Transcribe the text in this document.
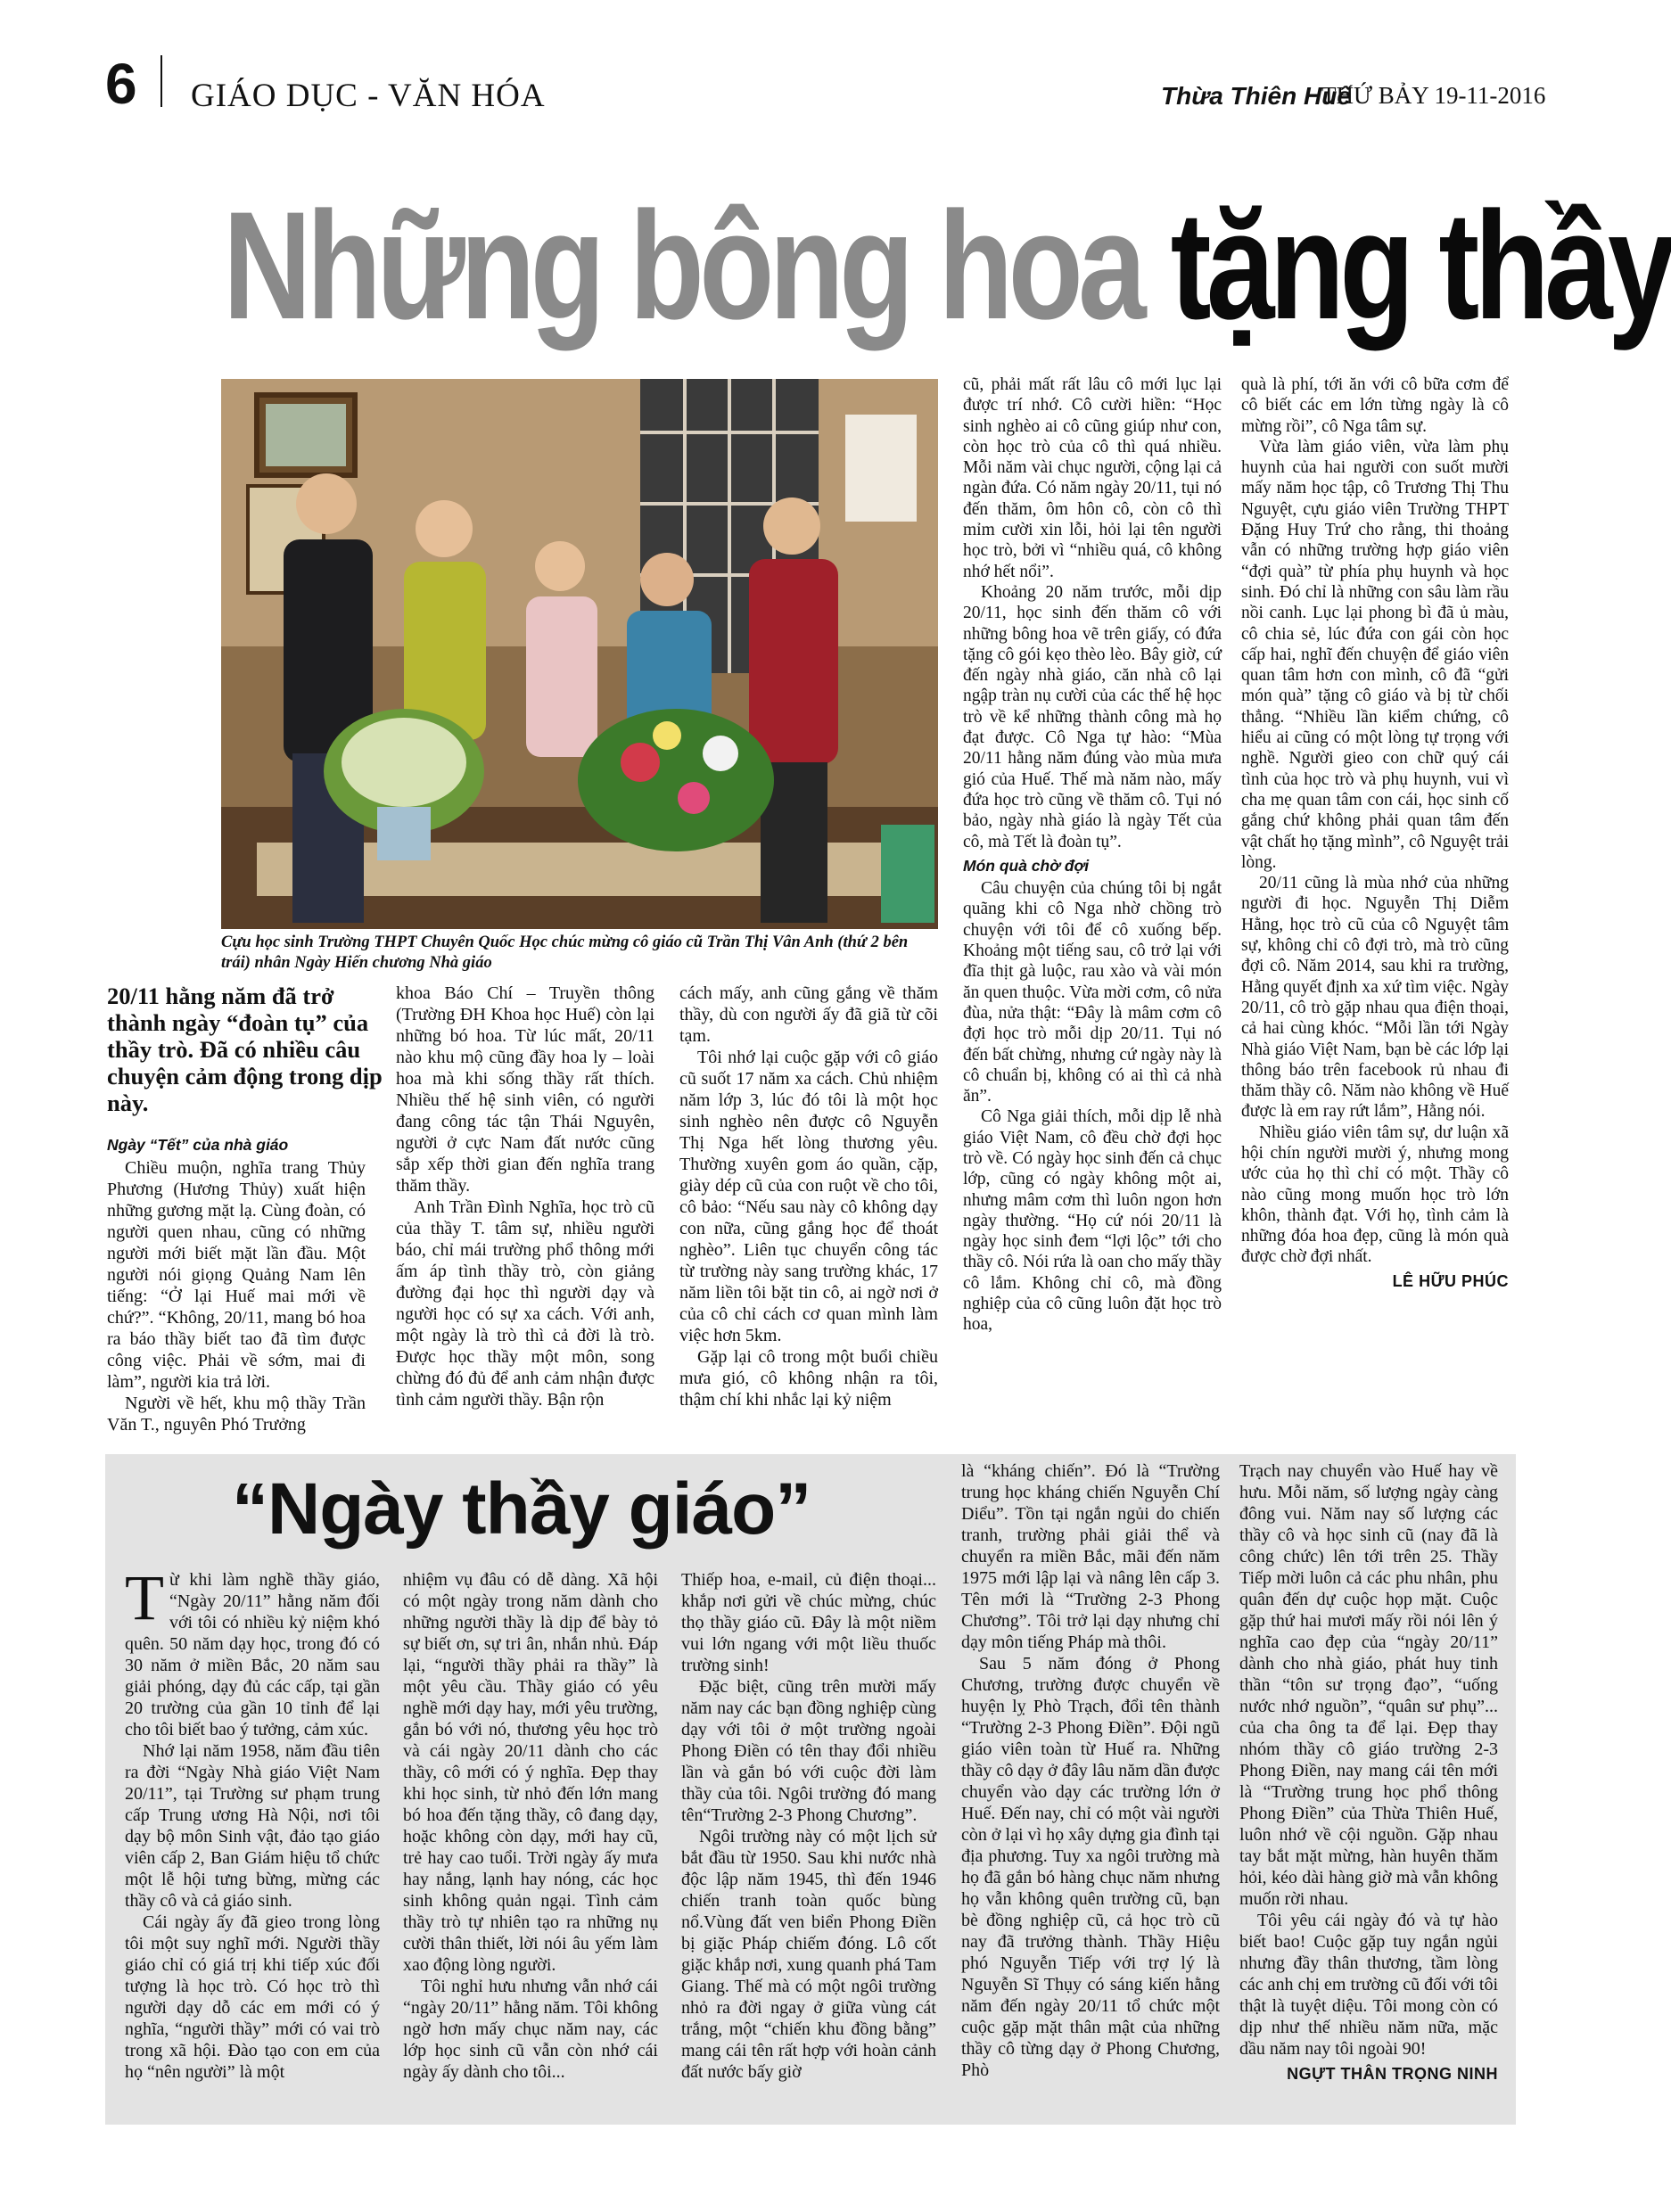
6 GIÁO DỤC - VĂN HÓA	Thừa Thiên Huế
THỨ BẢY 19-11-2016
Những bông hoa tặng thầy
Cựu học sinh Trường THPT Chuyên Quốc Học chúc mừng cô giáo cũ Trần Thị Vân Anh (thứ 2 bên trái) nhân Ngày Hiến chương Nhà giáo
20/11 hằng năm đã trở thành ngày “đoàn tụ” của thầy trò. Đã có nhiều câu chuyện cảm động trong dịp này.
Ngày “Tết” của nhà giáo

Chiều muộn, nghĩa trang Thủy Phương (Hương Thủy) xuất hiện những gương mặt lạ. Cùng đoàn, có người quen nhau, cũng có những người mới biết mặt lần đầu. Một người nói giọng Quảng Nam lên tiếng: “Ở lại Huế mai mới về chứ?”. “Không, 20/11, mang bó hoa ra báo thầy biết tao đã tìm được công việc. Phải về sớm, mai đi làm”, người kia trả lời.

Người về hết, khu mộ thầy Trần Văn T., nguyên Phó Trưởng

khoa Báo Chí – Truyền thông (Trường ĐH Khoa học Huế) còn lại những bó hoa. Từ lúc mất, 20/11 nào khu mộ cũng đầy hoa ly – loài hoa mà khi sống thầy rất thích. Nhiều thế hệ sinh viên, có người đang công tác tận Thái Nguyên, người ở cực Nam đất nước cũng sắp xếp thời gian đến nghĩa trang thăm thầy.

Anh Trần Đình Nghĩa, học trò cũ của thầy T. tâm sự, nhiều người báo, chỉ mái trường phổ thông mới ấm áp tình thầy trò, còn giảng đường đại học thì người dạy và người học có sự xa cách. Với anh, một ngày là trò thì cả đời là trò. Được học thầy một môn, song chừng đó đủ để anh cảm nhận được tình cảm người thầy. Bận rộn

cách mấy, anh cũng gắng về thăm thầy, dù con người ấy đã giã từ cõi tạm.

Tôi nhớ lại cuộc gặp với cô giáo cũ suốt 17 năm xa cách. Chủ nhiệm năm lớp 3, lúc đó tôi là một học sinh nghèo nên được cô Nguyễn Thị Nga hết lòng thương yêu. Thường xuyên gom áo quần, cặp, giày dép cũ của con ruột về cho tôi, cô bảo: “Nếu sau này cô không dạy con nữa, cũng gắng học để thoát nghèo”. Liên tục chuyển công tác từ trường này sang trường khác, 17 năm liền tôi bặt tin cô, ai ngờ nơi ở của cô chỉ cách cơ quan mình làm việc hơn 5km.

Gặp lại cô trong một buổi chiều mưa gió, cô không nhận ra tôi, thậm chí khi nhắc lại kỷ niệm

cũ, phải mất rất lâu cô mới lục lại được trí nhớ. Cô cười hiền: “Học sinh nghèo ai cô cũng giúp như con, còn học trò của cô thì quá nhiều. Mỗi năm vài chục người, cộng lại cả ngàn đứa. Có năm ngày 20/11, tụi nó đến thăm, ôm hôn cô, còn cô thì mỉm cười xin lỗi, hỏi lại tên người học trò, bởi vì “nhiều quá, cô không nhớ hết nổi”.

Khoảng 20 năm trước, mỗi dịp 20/11, học sinh đến thăm cô với những bông hoa vẽ trên giấy, có đứa tặng cô gói kẹo thèo lèo. Bây giờ, cứ đến ngày nhà giáo, căn nhà cô lại ngập tràn nụ cười của các thế hệ học trò về kể những thành công mà họ đạt được. Cô Nga tự hào: “Mùa 20/11 hằng năm đúng vào mùa mưa gió của Huế. Thế mà năm nào, mấy đứa học trò cũng về thăm cô. Tụi nó bảo, ngày nhà giáo là ngày Tết của cô, mà Tết là đoàn tụ”.

Món quà chờ đợi

Câu chuyện của chúng tôi bị ngắt quãng khi cô Nga nhờ chồng trò chuyện với tôi để cô xuống bếp. Khoảng một tiếng sau, cô trở lại với đĩa thịt gà luộc, rau xào và vài món ăn quen thuộc. Vừa mời cơm, cô nửa đùa, nửa thật: “Đây là mâm cơm cô đợi học trò mỗi dịp 20/11. Tụi nó đến bất chừng, nhưng cứ ngày này là cô chuẩn bị, không có ai thì cả nhà ăn”.

Cô Nga giải thích, mỗi dịp lễ nhà giáo Việt Nam, cô đều chờ đợi học trò về. Có ngày học sinh đến cả chục lớp, cũng có ngày không một ai, nhưng mâm cơm thì luôn ngon hơn ngày thường. “Họ cứ nói 20/11 là ngày học sinh đem “lợi lộc” tới cho thầy cô. Nói rứa là oan cho mấy thầy cô lắm. Không chỉ cô, mà đồng nghiệp của cô cũng luôn đặt học trò hoa,

quà là phí, tới ăn với cô bữa cơm để cô biết các em lớn từng ngày là cô mừng rồi”, cô Nga tâm sự.

Vừa làm giáo viên, vừa làm phụ huynh của hai người con suốt mười mấy năm học tập, cô Trương Thị Thu Nguyệt, cựu giáo viên Trường THPT Đặng Huy Trứ cho rằng, thi thoảng vẫn có những trường hợp giáo viên “đợi quà” từ phía phụ huynh và học sinh. Đó chỉ là những con sâu làm rầu nồi canh. Lục lại phong bì đã ủ màu, cô chia sẻ, lúc đứa con gái còn học cấp hai, nghĩ đến chuyện để giáo viên quan tâm hơn con mình, cô đã “gửi món quà” tặng cô giáo và bị từ chối thẳng. “Nhiều lần kiểm chứng, cô hiểu ai cũng có một lòng tự trọng với nghề. Người gieo con chữ quý cái tình của học trò và phụ huynh, vui vì cha mẹ quan tâm con cái, học sinh cố gắng chứ không phải quan tâm đến vật chất họ tặng mình”, cô Nguyệt trải lòng.

20/11 cũng là mùa nhớ của những người đi học. Nguyễn Thị Diễm Hằng, học trò cũ của cô Nguyệt tâm sự, không chỉ cô đợi trò, mà trò cũng đợi cô. Năm 2014, sau khi ra trường, Hằng quyết định xa xứ tìm việc. Ngày 20/11, cô trò gặp nhau qua điện thoại, cả hai cùng khóc. “Mỗi lần tới Ngày Nhà giáo Việt Nam, bạn bè các lớp lại thông báo trên facebook rủ nhau đi thăm thầy cô. Năm nào không về Huế được là em ray rứt lắm”, Hằng nói.

Nhiều giáo viên tâm sự, dư luận xã hội chín người mười ý, nhưng mong ước của họ thì chỉ có một. Thầy cô nào cũng mong muốn học trò lớn khôn, thành đạt. Với họ, tình cảm là những đóa hoa đẹp, cũng là món quà được chờ đợi nhất.

LÊ HỮU PHÚC
“Ngày thầy giáo”

Từ khi làm nghề thầy giáo, “Ngày 20/11” hằng năm đối với tôi có nhiều kỷ niệm khó quên. 50 năm dạy học, trong đó có 30 năm ở miền Bắc, 20 năm sau giải phóng, dạy đủ các cấp, tại gần 20 trường của gần 10 tỉnh để lại cho tôi biết bao ý tưởng, cảm xúc.

Nhớ lại năm 1958, năm đầu tiên ra đời “Ngày Nhà giáo Việt Nam 20/11”, tại Trường sư phạm trung cấp Trung ương Hà Nội, nơi tôi dạy bộ môn Sinh vật, đảo tạo giáo viên cấp 2, Ban Giám hiệu tổ chức một lễ hội tưng bừng, mừng các thầy cô và cả giáo sinh.

Cái ngày ấy đã gieo trong lòng tôi một suy nghĩ mới. Người thầy giáo chỉ có giá trị khi tiếp xúc đối tượng là học trò. Có học trò thì người dạy dỗ các em mới có ý nghĩa, “người thầy” mới có vai trò trong xã hội. Đào tạo con em của họ “nên người” là một

nhiệm vụ đâu có dễ dàng. Xã hội có một ngày trong năm dành cho những người thầy là dịp để bày tỏ sự biết ơn, sự tri ân, nhắn nhủ. Đáp lại, “người thầy phải ra thầy” là một yêu cầu. Thầy giáo có yêu nghề mới dạy hay, mới yêu trường, gắn bó với nó, thương yêu học trò và cái ngày 20/11 dành cho các thầy, cô mới có ý nghĩa. Đẹp thay khi học sinh, từ nhỏ đến lớn mang bó hoa đến tặng thầy, cô đang dạy, hoặc không còn dạy, mới hay cũ, trẻ hay cao tuổi. Trời ngày ấy mưa hay nắng, lạnh hay nóng, các học sinh không quản ngại. Tình cảm thầy trò tự nhiên tạo ra những nụ cười thân thiết, lời nói âu yếm làm xao động lòng người.

Tôi nghỉ hưu nhưng vẫn nhớ cái “ngày 20/11” hằng năm. Tôi không ngờ hơn mấy chục năm nay, các lớp học sinh cũ vẫn còn nhớ cái ngày ấy dành cho tôi...

Thiếp hoa, e-mail, củ điện thoại... khắp nơi gửi về chúc mừng, chúc thọ thầy giáo cũ. Đây là một niềm vui lớn ngang với một liều thuốc trường sinh!

Đặc biệt, cũng trên mười mấy năm nay các bạn đồng nghiệp cùng dạy với tôi ở một trường ngoài Phong Điền có tên thay đổi nhiều lần và gắn bó với cuộc đời làm thầy của tôi. Ngôi trường đó mang tên“Trường 2-3 Phong Chương”.

Ngôi trường này có một lịch sử bắt đầu từ 1950. Sau khi nước nhà độc lập năm 1945, thì đến 1946 chiến tranh toàn quốc bùng nổ.Vùng đất ven biển Phong Điền bị giặc Pháp chiếm đóng. Lô cốt giặc khắp nơi, xung quanh phá Tam Giang. Thế mà có một ngôi trường nhỏ ra đời ngay ở giữa vùng cát trắng, một “chiến khu đồng bằng” mang cái tên rất hợp với hoàn cảnh đất nước bấy giờ

là “kháng chiến”. Đó là “Trường trung học kháng chiến Nguyễn Chí Diểu”. Tồn tại ngắn ngủi do chiến tranh, trường phải giải thể và chuyển ra miền Bắc, mãi đến năm 1975 mới lập lại và nâng lên cấp 3. Tên mới là “Trường 2-3 Phong Chương”. Tôi trở lại dạy nhưng chỉ dạy môn tiếng Pháp mà thôi.

Sau 5 năm đóng ở Phong Chương, trường được chuyển về huyện lỵ Phò Trạch, đổi tên thành “Trường 2-3 Phong Điền”. Đội ngũ giáo viên toàn từ Huế ra. Những thầy cô dạy ở đây lâu năm dần được chuyển vào dạy các trường lớn ở Huế. Đến nay, chỉ có một vài người còn ở lại vì họ xây dựng gia đình tại địa phương. Tuy xa ngôi trường mà họ đã gắn bó hàng chục năm nhưng họ vẫn không quên trường cũ, bạn bè đồng nghiệp cũ, cả học trò cũ nay đã trưởng thành. Thầy Hiệu phó Nguyễn Tiếp với trợ lý là Nguyễn Sĩ Thụy có sáng kiến hằng năm đến ngày 20/11 tổ chức một cuộc gặp mặt thân mật của những thầy cô từng dạy ở Phong Chương, Phò

Trạch nay chuyển vào Huế hay về hưu. Mỗi năm, số lượng ngày càng đông vui. Năm nay số lượng các thầy cô và học sinh cũ (nay đã là công chức) lên tới trên 25. Thầy Tiếp mời luôn cả các phu nhân, phu quân đến dự cuộc họp mặt. Cuộc gặp thứ hai mươi mấy rồi nói lên ý nghĩa cao đẹp của “ngày 20/11” dành cho nhà giáo, phát huy tinh thần “tôn sư trọng đạo”, “uống nước nhớ nguồn”, “quân sư phụ”... của cha ông ta để lại. Đẹp thay nhóm thầy cô giáo trường 2-3 Phong Điền, nay mang cái tên mới là “Trường trung học phổ thông Phong Điền” của Thừa Thiên Huế, luôn nhớ về cội nguồn. Gặp nhau tay bắt mặt mừng, hàn huyên thăm hỏi, kéo dài hàng giờ mà vẫn không muốn rời nhau.

Tôi yêu cái ngày đó và tự hào biết bao! Cuộc gặp tuy ngắn ngủi nhưng đầy thân thương, tầm lòng các anh chị em trường cũ đối với tôi thật là tuyệt diệu. Tôi mong còn có dịp như thế nhiều năm nữa, mặc dầu năm nay tôi ngoài 90!

NGỰT THÂN TRỌNG NINH
